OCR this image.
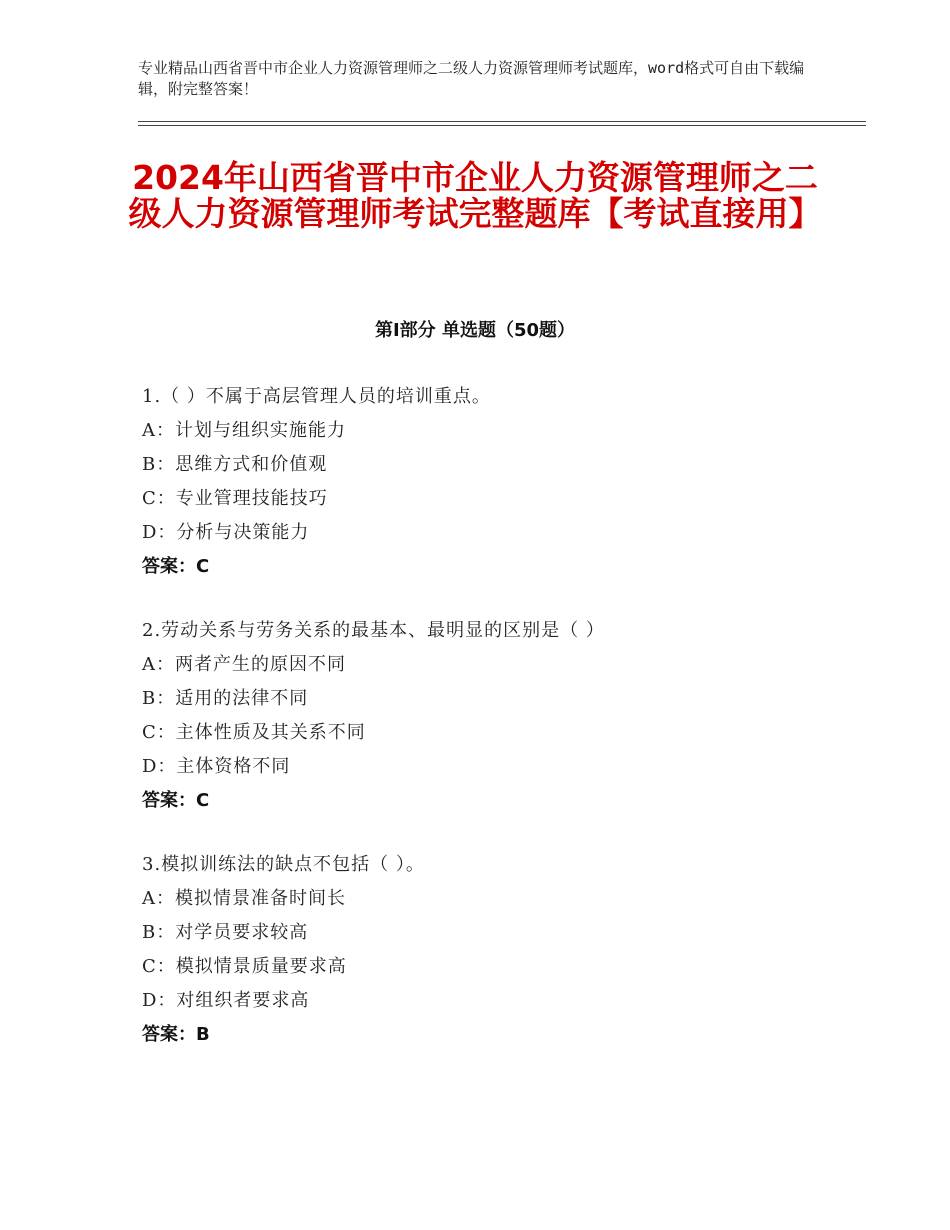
专业精品山西省晋中市企业人力资源管理师之二级人力资源管理师考试题库，word格式可自由下载编辑，附完整答案！
2024年山西省晋中市企业人力资源管理师之二级人力资源管理师考试完整题库【考试直接用】
第Ⅰ部分 单选题（50题）
1.（ ）不属于高层管理人员的培训重点。
A：计划与组织实施能力
B：思维方式和价值观
C：专业管理技能技巧
D：分析与决策能力
答案：C
2.劳动关系与劳务关系的最基本、最明显的区别是（ ）
A：两者产生的原因不同
B：适用的法律不同
C：主体性质及其关系不同
D：主体资格不同
答案：C
3.模拟训练法的缺点不包括（ ）。
A：模拟情景准备时间长
B：对学员要求较高
C：模拟情景质量要求高
D：对组织者要求高
答案：B
